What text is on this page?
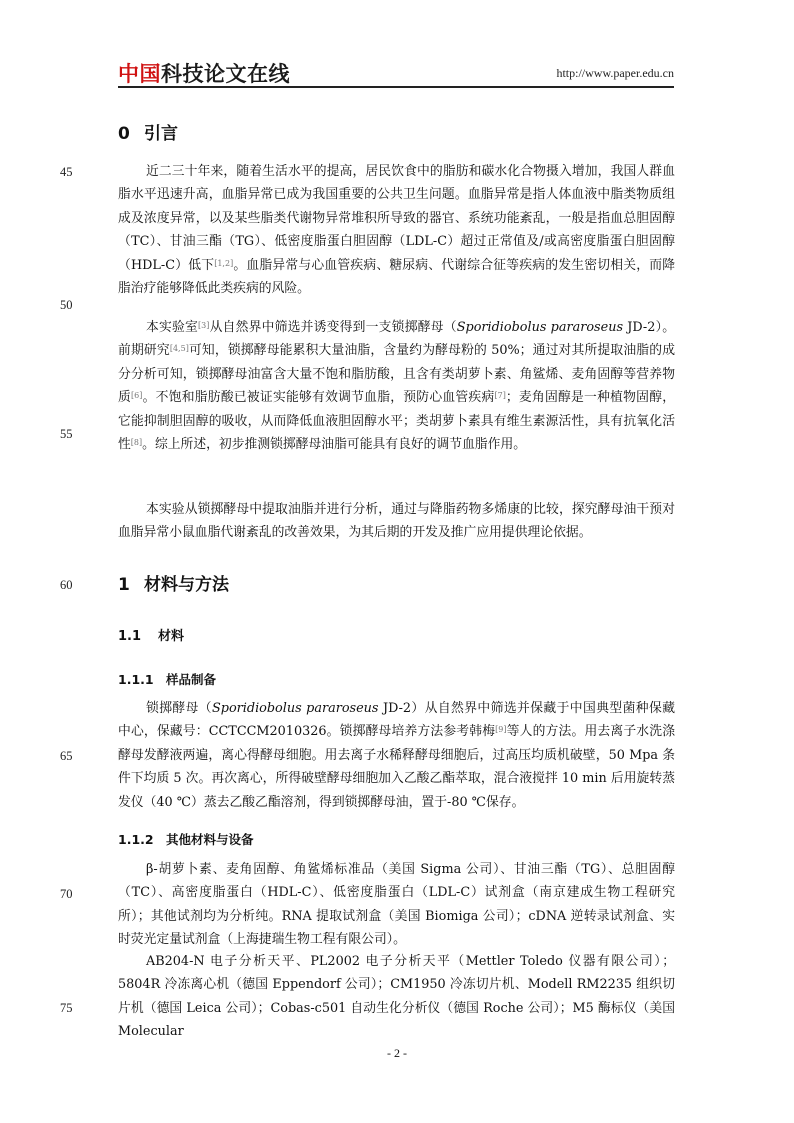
中国科技论文在线	http://www.paper.edu.cn
45
50
55
60
65
70
75
0 引言

近二三十年来，随着生活水平的提高，居民饮食中的脂肪和碳水化合物摄入增加，我国人群血脂水平迅速升高，血脂异常已成为我国重要的公共卫生问题。血脂异常是指人体血液中脂类物质组成及浓度异常，以及某些脂类代谢物异常堆积所导致的器官、系统功能紊乱，一般是指血总胆固醇（TC）、甘油三酯（TG）、低密度脂蛋白胆固醇（LDL-C）超过正常值及/或高密度脂蛋白胆固醇（HDL-C）低下[1,2]。血脂异常与心血管疾病、糖尿病、代谢综合征等疾病的发生密切相关，而降脂治疗能够降低此类疾病的风险。

本实验室[3]从自然界中筛选并诱变得到一支锁掷酵母（Sporidiobolus pararoseus JD-2）。前期研究[4,5]可知，锁掷酵母能累积大量油脂，含量约为酵母粉的 50%；通过对其所提取油脂的成分分析可知，锁掷酵母油富含大量不饱和脂肪酸，且含有类胡萝卜素、角鲨烯、麦角固醇等营养物质[6]。不饱和脂肪酸已被证实能够有效调节血脂，预防心血管疾病[7]；麦角固醇是一种植物固醇，它能抑制胆固醇的吸收，从而降低血液胆固醇水平；类胡萝卜素具有维生素源活性，具有抗氧化活性[8]。综上所述，初步推测锁掷酵母油脂可能具有良好的调节血脂作用。

本实验从锁掷酵母中提取油脂并进行分析，通过与降脂药物多烯康的比较，探究酵母油干预对血脂异常小鼠血脂代谢紊乱的改善效果，为其后期的开发及推广应用提供理论依据。

1 材料与方法
1.1 材料
1.1.1 样品制备

锁掷酵母（Sporidiobolus pararoseus JD-2）从自然界中筛选并保藏于中国典型菌种保藏中心，保藏号：CCTCCM2010326。锁掷酵母培养方法参考韩梅[9]等人的方法。用去离子水洗涤酵母发酵液两遍，离心得酵母细胞。用去离子水稀释酵母细胞后，过高压均质机破壁，50 Mpa 条件下均质 5 次。再次离心，所得破壁酵母细胞加入乙酸乙酯萃取，混合液搅拌 10 min 后用旋转蒸发仪（40 ℃）蒸去乙酸乙酯溶剂，得到锁掷酵母油，置于-80 ℃保存。

1.1.2 其他材料与设备

β-胡萝卜素、麦角固醇、角鲨烯标准品（美国 Sigma 公司）、甘油三酯（TG）、总胆固醇（TC）、高密度脂蛋白（HDL-C）、低密度脂蛋白（LDL-C）试剂盒（南京建成生物工程研究所）；其他试剂均为分析纯。RNA 提取试剂盒（美国 Biomiga 公司）；cDNA 逆转录试剂盒、实时荧光定量试剂盒（上海捷瑞生物工程有限公司）。

AB204-N 电子分析天平、PL2002 电子分析天平（Mettler Toledo 仪器有限公司）；5804R 冷冻离心机（德国 Eppendorf 公司）；CM1950 冷冻切片机、Modell RM2235 组织切片机（德国 Leica 公司）；Cobas-c501 自动生化分析仪（德国 Roche 公司）；M5 酶标仪（美国 Molecular

- 2 -
